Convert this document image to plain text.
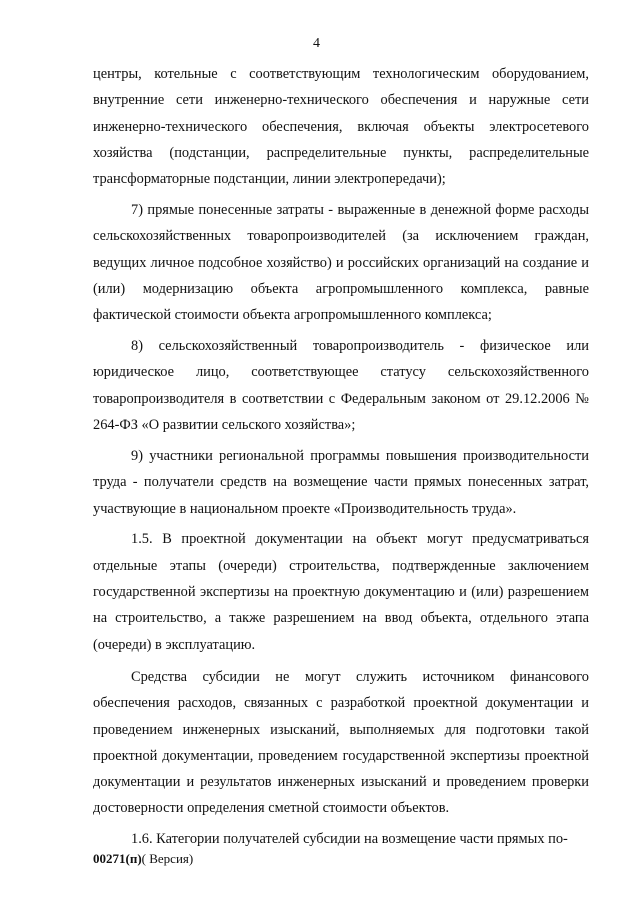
4

центры, котельные с соответствующим технологическим оборудованием, внутренние сети инженерно-технического обеспечения и наружные сети инженерно-технического обеспечения, включая объекты электросетевого хозяйства (подстанции, распределительные пункты, распределительные трансформаторные подстанции, линии электропередачи);

7) прямые понесенные затраты - выраженные в денежной форме расходы сельскохозяйственных товаропроизводителей (за исключением граждан, ведущих личное подсобное хозяйство) и российских организаций на создание и (или) модернизацию объекта агропромышленного комплекса, равные фактической стоимости объекта агропромышленного комплекса;

8) сельскохозяйственный товаропроизводитель - физическое или юридическое лицо, соответствующее статусу сельскохозяйственного товаропроизводителя в соответствии с Федеральным законом от 29.12.2006 № 264-ФЗ «О развитии сельского хозяйства»;

9) участники региональной программы повышения производительности труда - получатели средств на возмещение части прямых понесенных затрат, участвующие в национальном проекте «Производительность труда».

1.5. В проектной документации на объект могут предусматриваться отдельные этапы (очереди) строительства, подтвержденные заключением государственной экспертизы на проектную документацию и (или) разрешением на строительство, а также разрешением на ввод объекта, отдельного этапа (очереди) в эксплуатацию.

Средства субсидии не могут служить источником финансового обеспечения расходов, связанных с разработкой проектной документации и проведением инженерных изысканий, выполняемых для подготовки такой проектной документации, проведением государственной экспертизы проектной документации и результатов инженерных изысканий и проведением проверки достоверности определения сметной стоимости объектов.

1.6. Категории получателей субсидии на возмещение части прямых по-

00271(п)( Версия)
